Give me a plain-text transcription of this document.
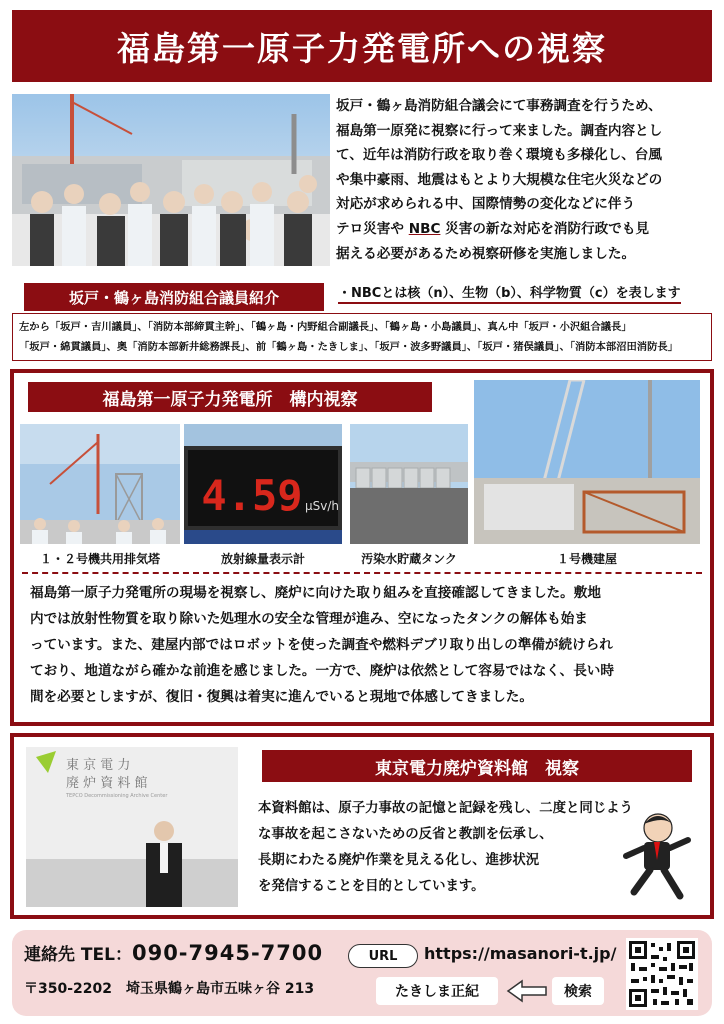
福島第一原子力発電所への視察
坂戸・鶴ヶ島消防組合議会にて事務調査を行うため、
福島第一原発に視察に行って来ました。調査内容とし
て、近年は消防行政を取り巻く環境も多様化し、台風
や集中豪雨、地震はもとより大規模な住宅火災などの
対応が求められる中、国際情勢の変化などに伴う
テロ災害や NBC 災害の新な対応を消防行政でも見
据える必要があるため視察研修を実施しました。
坂戸・鶴ヶ島消防組合議員紹介	・NBCとは核（n）、生物（b）、科学物質（c）を表します
左から「坂戸・吉川議員」、「消防本部締貫主幹」、「鶴ヶ島・内野組合副議長」、「鶴ヶ島・小島議員」、真ん中「坂戸・小沢組合議長」
「坂戸・綿貫議員」、奥「消防本部新井総務課長」、前「鶴ヶ島・たきしま」、「坂戸・波多野議員」、「坂戸・猪俣議員」、「消防本部沼田消防長」
福島第一原子力発電所　構内視察
4.59 μSv/h
１・２号機共用排気塔	放射線量表示計	汚染水貯蔵タンク	１号機建屋
福島第一原子力発電所の現場を視察し、廃炉に向けた取り組みを直接確認してきました。敷地
内では放射性物質を取り除いた処理水の安全な管理が進み、空になったタンクの解体も始ま
っています。また、建屋内部ではロボットを使った調査や燃料デブリ取り出しの準備が続けられ
ており、地道ながら確かな前進を感じました。一方で、廃炉は依然として容易ではなく、長い時
間を必要としますが、復旧・復興は着実に進んでいると現地で体感してきました。
東 京 電 力
廃 炉 資 料 館
TEPCO Decommissioning Archive Center
東京電力廃炉資料館　視察
本資料館は、原子力事故の記憶と記録を残し、二度と同じよう
な事故を起こさないための反省と教訓を伝承し、
長期にわたる廃炉作業を見える化し、進捗状況
を発信することを目的としています。
連絡先 TEL：090-7945-7700
〒350-2202　埼玉県鶴ヶ島市五味ヶ谷 213
URL	https://masanori-t.jp/
たきしま正紀	検索
